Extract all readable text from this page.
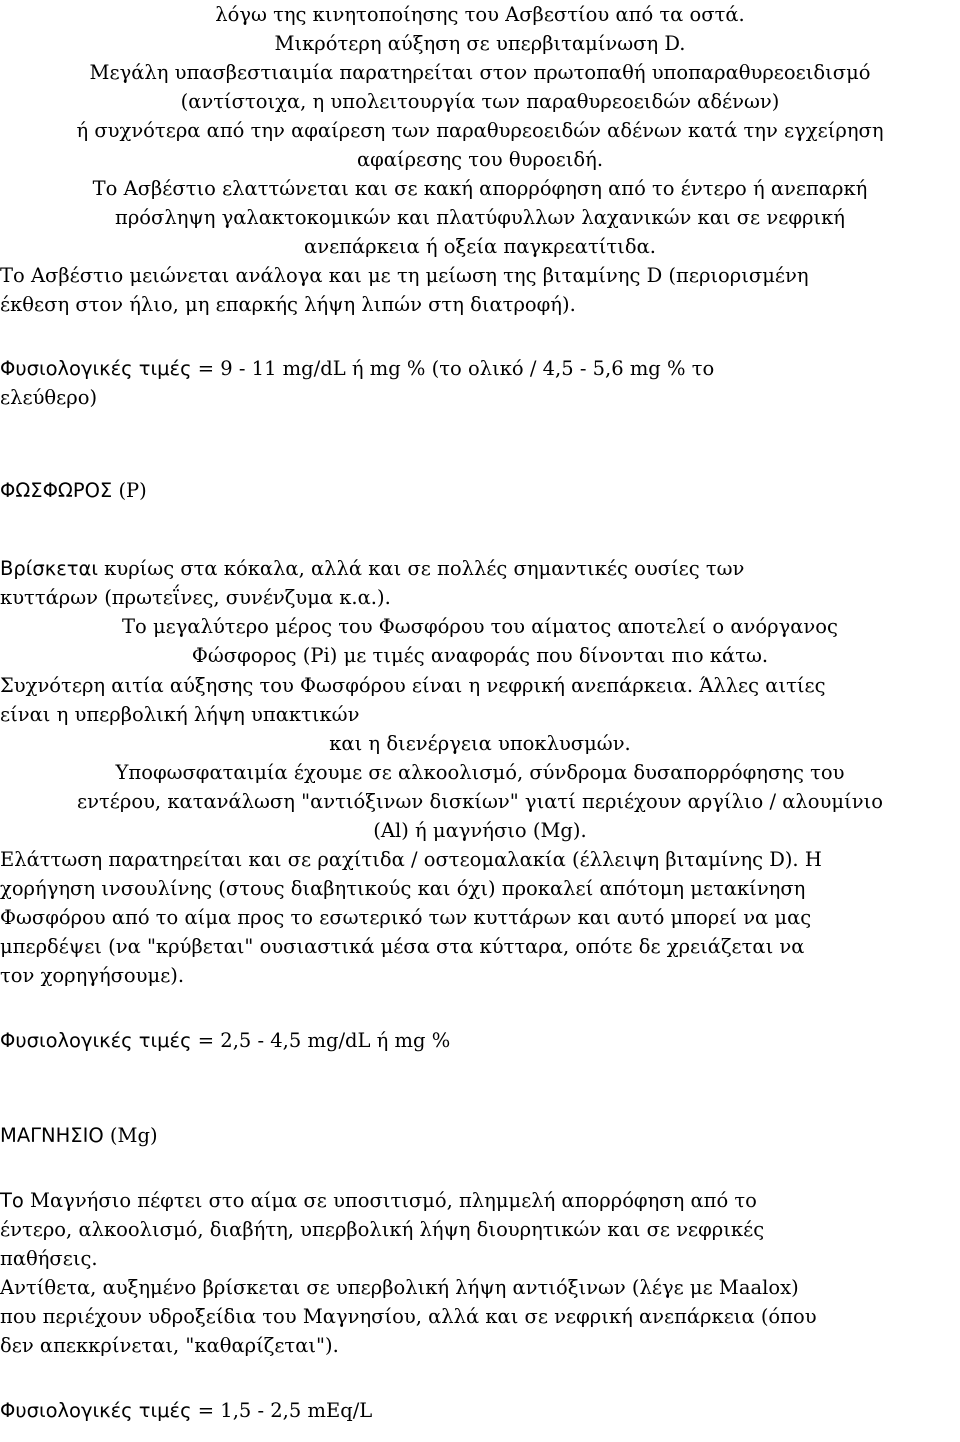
λόγω της κινητοποίησης του Ασβεστίου από τα οστά.

Μικρότερη αύξηση σε υπερβιταμίνωση D.

Μεγάλη υπασβεστιαιμία παρατηρείται στον πρωτοπαθή υποπαραθυρεοειδισμό

(αντίστοιχα, η υπολειτουργία των παραθυρεοειδών αδένων)

ή συχνότερα από την αφαίρεση των παραθυρεοειδών αδένων κατά την εγχείρηση

αφαίρεσης του θυροειδή.

Το Ασβέστιο ελαττώνεται και σε κακή απορρόφηση από το έντερο ή ανεπαρκή

πρόσληψη γαλακτοκομικών και πλατύφυλλων λαχανικών και σε νεφρική

ανεπάρκεια ή οξεία παγκρεατίτιδα.

Το Ασβέστιο μειώνεται ανάλογα και με τη μείωση της βιταμίνης D (περιορισμένη

έκθεση στον ήλιο, μη επαρκής λήψη λιπών στη διατροφή).

Φυσιολογικές τιμές = 9 - 11 mg/dL ή mg % (το ολικό / 4,5 - 5,6 mg % το

ελεύθερο)

ΦΩΣΦΩΡΟΣ (P)

Βρίσκεται κυρίως στα κόκαλα, αλλά και σε πολλές σημαντικές ουσίες των

κυττάρων (πρωτεΐνες, συνένζυμα κ.α.).

Το μεγαλύτερο μέρος του Φωσφόρου του αίματος αποτελεί ο ανόργανος

Φώσφορος (Pi) με τιμές αναφοράς που δίνονται πιο κάτω.

Συχνότερη αιτία αύξησης του Φωσφόρου είναι η νεφρική ανεπάρκεια. Άλλες αιτίες

είναι η υπερβολική λήψη υπακτικών

και η διενέργεια υποκλυσμών.

Υποφωσφαταιμία έχουμε σε αλκοολισμό, σύνδρομα δυσαπορρόφησης του

εντέρου, κατανάλωση "αντιόξινων δισκίων" γιατί περιέχουν αργίλιο / αλουμίνιο

(Al) ή μαγνήσιο (Mg).

Ελάττωση παρατηρείται και σε ραχίτιδα / οστεομαλακία (έλλειψη βιταμίνης D). Η

χορήγηση ινσουλίνης (στους διαβητικούς και όχι) προκαλεί απότομη μετακίνηση

Φωσφόρου από το αίμα προς το εσωτερικό των κυττάρων και αυτό μπορεί να μας

μπερδέψει (να "κρύβεται" ουσιαστικά μέσα στα κύτταρα, οπότε δε χρειάζεται να

τον χορηγήσουμε).

Φυσιολογικές τιμές = 2,5 - 4,5 mg/dL ή mg %

ΜΑΓΝΗΣΙΟ (Mg)

Το Μαγνήσιο πέφτει στο αίμα σε υποσιτισμό, πλημμελή απορρόφηση από το

έντερο, αλκοολισμό, διαβήτη, υπερβολική λήψη διουρητικών και σε νεφρικές

παθήσεις.

Αντίθετα, αυξημένο βρίσκεται σε υπερβολική λήψη αντιόξινων (λέγε με Maalox)

που περιέχουν υδροξείδια του Μαγνησίου, αλλά και σε νεφρική ανεπάρκεια (όπου

δεν απεκκρίνεται, "καθαρίζεται").

Φυσιολογικές τιμές = 1,5 - 2,5 mEq/L
